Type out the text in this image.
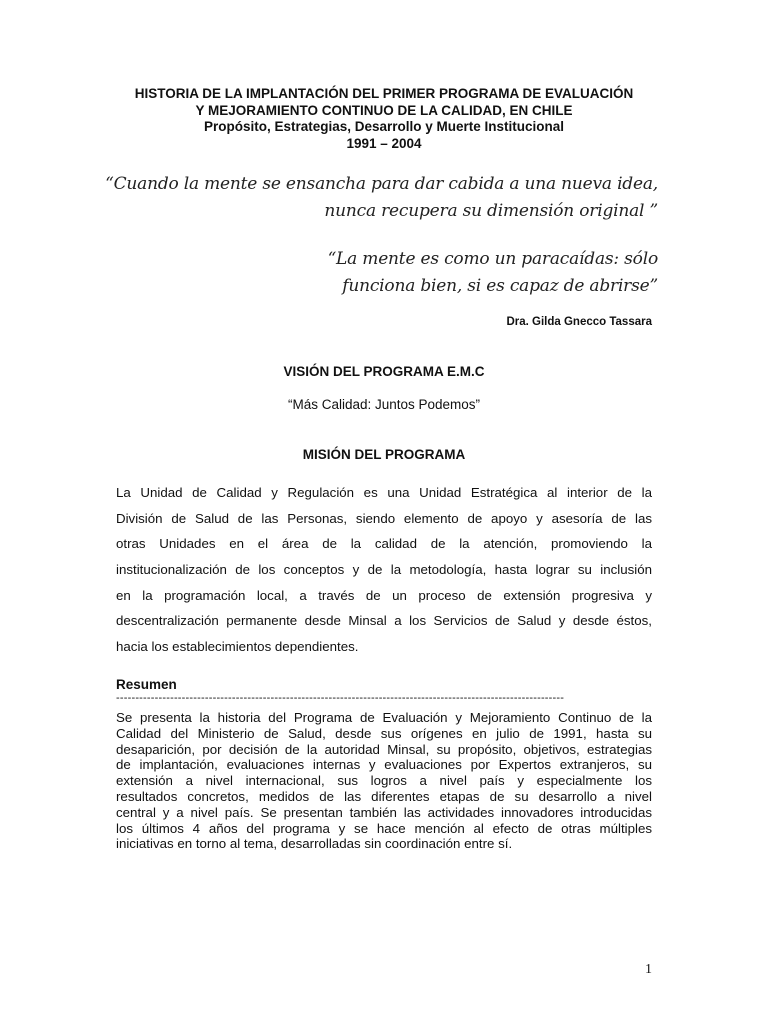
HISTORIA DE LA IMPLANTACIÓN DEL PRIMER PROGRAMA DE EVALUACIÓN
Y MEJORAMIENTO CONTINUO DE LA CALIDAD, EN CHILE
Propósito, Estrategias, Desarrollo y Muerte Institucional
1991 – 2004
“Cuando la mente se ensancha para dar cabida a una nueva idea,
nunca recupera su dimensión original ”
“La mente es como un paracaídas: sólo
funciona bien, si es capaz de abrirse”
Dra. Gilda Gnecco Tassara
VISIÓN DEL PROGRAMA E.M.C
“Más Calidad: Juntos Podemos”
MISIÓN DEL PROGRAMA
La Unidad de Calidad y Regulación es una Unidad Estratégica al interior de la
División de Salud de las Personas, siendo elemento de apoyo y asesoría de las
otras Unidades en el área de la calidad de la atención, promoviendo la
institucionalización de los conceptos y de la metodología, hasta lograr su inclusión
en la programación local, a través de un proceso de extensión progresiva y
descentralización permanente desde Minsal a los Servicios de Salud y desde éstos,
hacia los establecimientos dependientes.
Resumen
--------------------------------------------------------------------------------------------------------------------
Se presenta la historia del Programa de Evaluación y Mejoramiento Continuo de la
Calidad del Ministerio de Salud, desde sus orígenes en julio de 1991, hasta su
desaparición, por decisión de la autoridad Minsal, su propósito, objetivos, estrategias
de implantación, evaluaciones internas y evaluaciones por Expertos extranjeros, su
extensión a nivel internacional, sus logros a nivel país y especialmente los
resultados concretos, medidos de las diferentes etapas de su desarrollo a nivel
central y a nivel país. Se presentan también las actividades innovadores introducidas
los últimos 4 años del programa y se hace mención al efecto de otras múltiples
iniciativas en torno al tema, desarrolladas sin coordinación entre sí.
1
